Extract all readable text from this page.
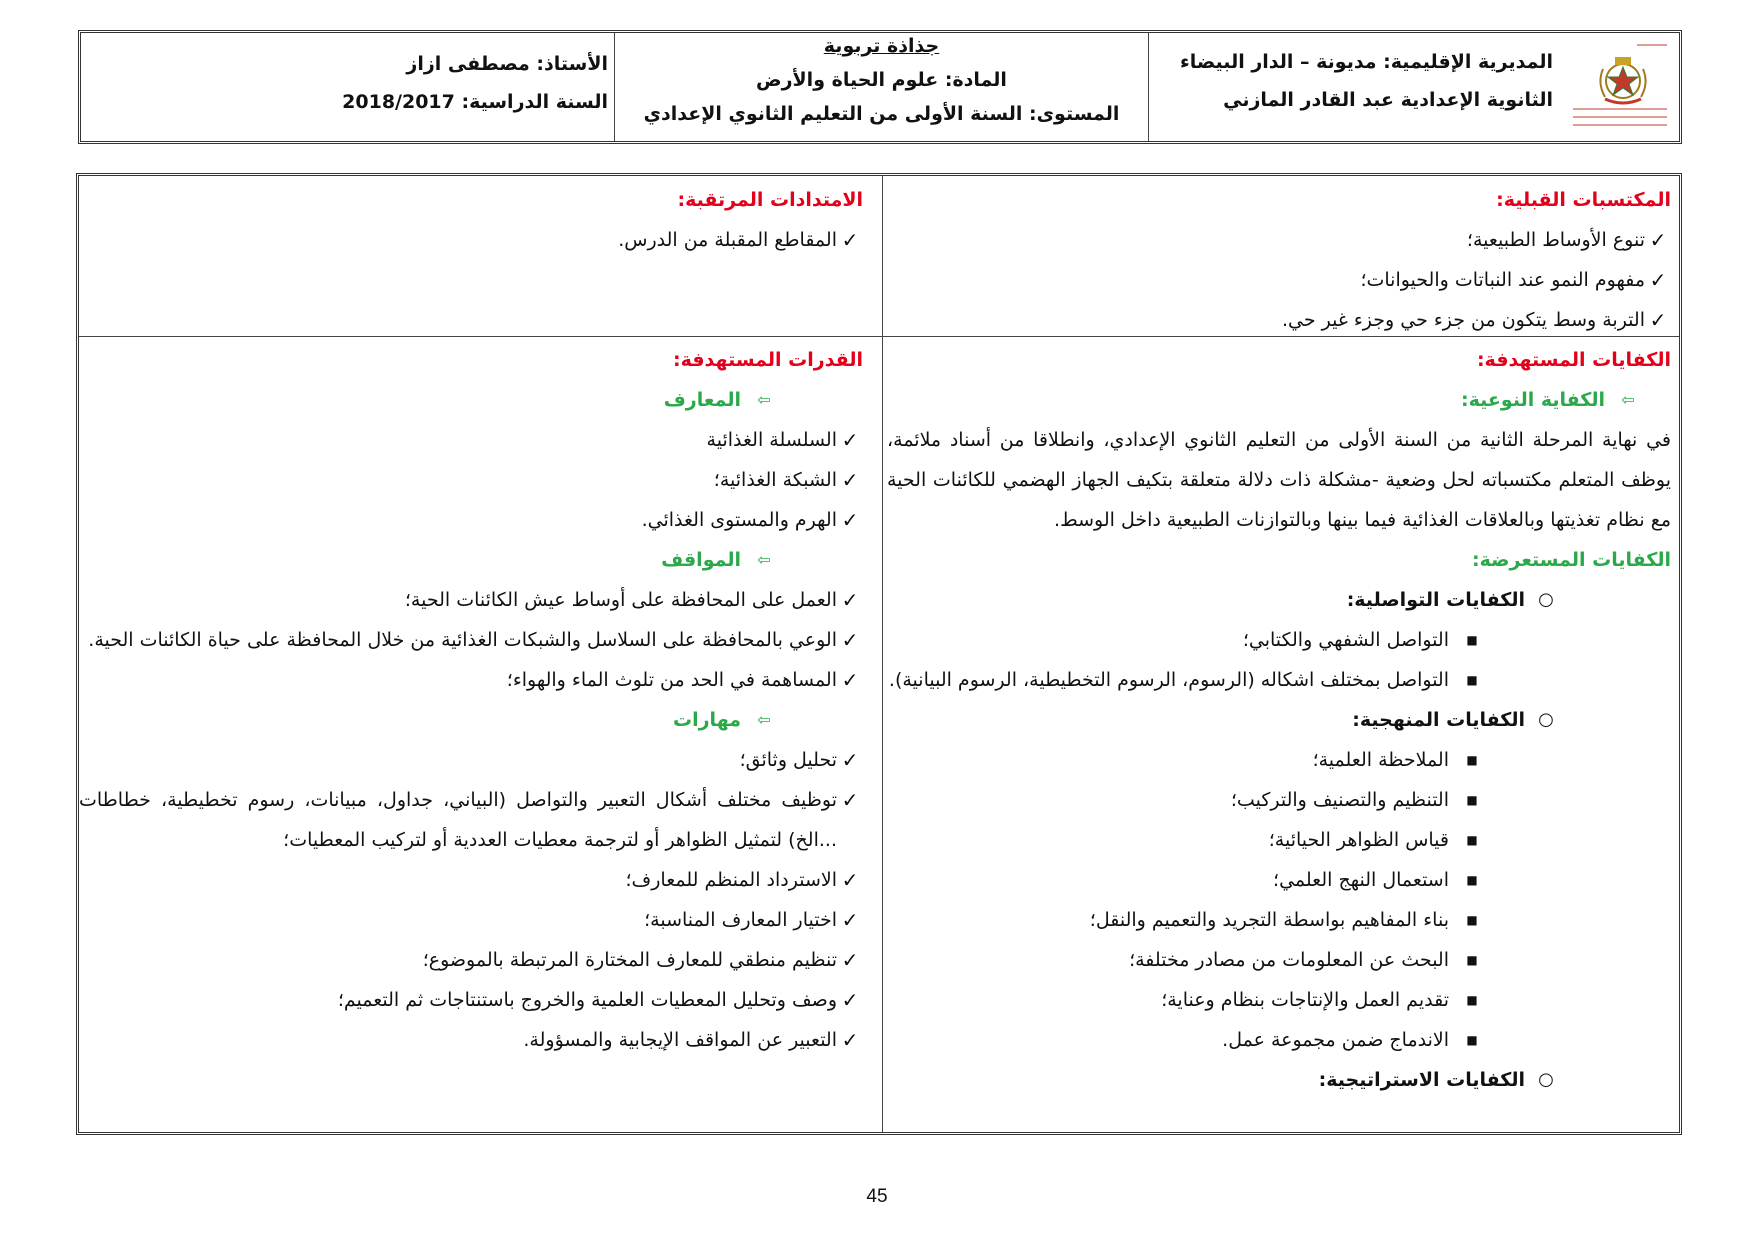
المديرية الإقليمية: مديونة – الدار البيضاء
الثانوية الإعدادية عبد القادر المازني
جذاذة تربوية
المادة: علوم الحياة والأرض
المستوى: السنة الأولى من التعليم الثانوي الإعدادي
الأستاذ: مصطفى ازاز
السنة الدراسية: 2018/2017
المكتسبات القبلية:
✓
تنوع الأوساط الطبيعية؛
✓
مفهوم النمو عند النباتات والحيوانات؛
✓
التربة وسط يتكون من جزء حي وجزء غير حي.
الامتدادات المرتقبة:
✓
المقاطع المقبلة من الدرس.
الكفايات المستهدفة:
⇦
الكفاية النوعية:
في نهاية المرحلة الثانية من السنة الأولى من التعليم الثانوي الإعدادي، وانطلاقا من أسناد ملائمة، يوظف المتعلم مكتسباته لحل وضعية -مشكلة ذات دلالة متعلقة بتكيف الجهاز الهضمي للكائنات الحية مع نظام تغذيتها وبالعلاقات الغذائية فيما بينها وبالتوازنات الطبيعية داخل الوسط.
الكفايات المستعرضة:
○
الكفايات التواصلية:
■
التواصل الشفهي والكتابي؛
■
التواصل بمختلف اشكاله (الرسوم، الرسوم التخطيطية، الرسوم البيانية).
○
الكفايات المنهجية:
■
الملاحظة العلمية؛
■
التنظيم والتصنيف والتركيب؛
■
قياس الظواهر الحيائية؛
■
استعمال النهج العلمي؛
■
بناء المفاهيم بواسطة التجريد والتعميم والنقل؛
■
البحث عن المعلومات من مصادر مختلفة؛
■
تقديم العمل والإنتاجات بنظام وعناية؛
■
الاندماج ضمن مجموعة عمل.
○
الكفايات الاستراتيجية:
القدرات المستهدفة:
⇦
المعارف
✓
السلسلة الغذائية
✓
الشبكة الغذائية؛
✓
الهرم والمستوى الغذائي.
⇦
المواقف
✓
العمل على المحافظة على أوساط عيش الكائنات الحية؛
✓
الوعي بالمحافظة على السلاسل والشبكات الغذائية من خلال المحافظة على حياة الكائنات الحية.
✓
المساهمة في الحد من تلوث الماء والهواء؛
⇦
مهارات
✓
تحليل وثائق؛
✓
توظيف مختلف أشكال التعبير والتواصل (البياني، جداول، مبيانات، رسوم تخطيطية، خطاطات ...الخ) لتمثيل الظواهر أو لترجمة معطيات العددية أو لتركيب المعطيات؛
✓
الاسترداد المنظم للمعارف؛
✓
اختيار المعارف المناسبة؛
✓
تنظيم منطقي للمعارف المختارة المرتبطة بالموضوع؛
✓
وصف وتحليل المعطيات العلمية والخروج باستنتاجات ثم التعميم؛
✓
التعبير عن المواقف الإيجابية والمسؤولة.
45
